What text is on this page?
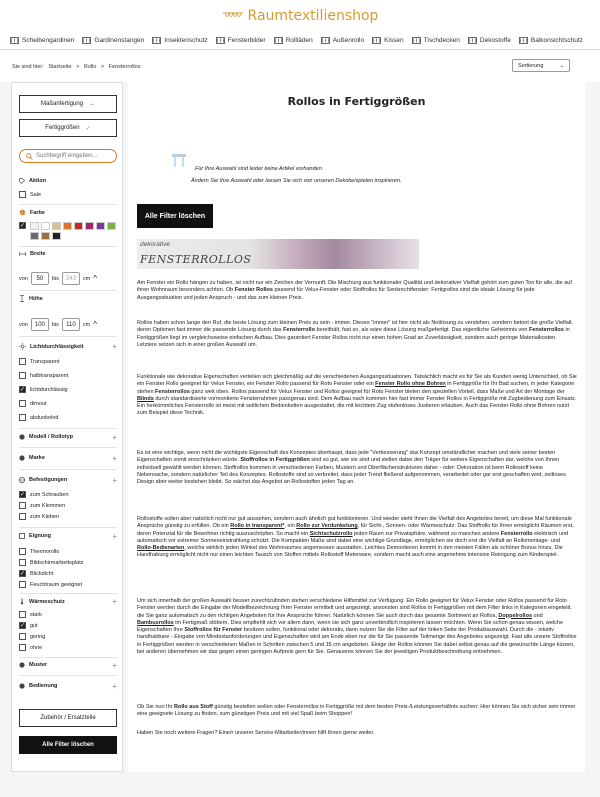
Raumtextilienshop
Scheibengardinen	Gardinenstangen	Insektenschutz	Fensterbilder	Rollläden	Außenrollo	Kissen	Tischdecken	Dekostoffe	Balkonsichtschutz
Sie sind hier: Startseite > Rollo > Fensterrollos	Sortierung	⌄
Maßanfertigung →
Fertiggrößen ✓
Suchbegriff eingeben...
Aktion
Sale
Farbe
✓
Breite
von	50	bis	243	cm ^
Höhe
von	100	bis	110	cm ^
Lichtdurchlässigkeit	+
Transparent
halbtransparent
✓
lichtdurchlässig
dimout
abdunkelnd
Modell / Rollotyp	+
Marke	+
Befestigungen	+
✓
zum Schrauben
zum Klemmen
zum Kleben
Eignung	+
Thermorollo
Bildschirmarbeitsplatz
✓
Blickdicht
Feuchtraum geeignet
Wärmeschutz	+
stark
✓
gut
gering
ohne
Muster	+
Bedienung	+
Zubehör / Ersatzteile
Alle Filter löschen
Rollos in Fertiggrößen
Für Ihre Auswahl sind leider keine Artikel vorhanden.
Ändern Sie Ihre Auswahl oder lassen Sie sich von unseren Dekobeispielen inspirieren.
Alle Filter löschen
dekorative
FENSTERROLLOS
Am Fenster ein Rollo hängen zu haben, ist nicht nur ein Zeichen der Vernunft. Die Mischung aus funktionaler Qualität und dekorativer Vielfalt gehört zum guten Ton für alle, die auf ihren Wohnraum besonders achten. Ob Fenster Rollos passend für Velux-Fenster oder Stoffrollos für Senkrechtfenster: Fertigrollos sind die ideale Lösung für jede Ausgangssituation und jeden Anspruch - und das zum kleinen Preis.
Rollos haben schon lange den Ruf, die beste Lösung zum kleinen Preis zu sein - immer. Dieses "immer" ist hier nicht als Notlösung zu verstehen, sondern betont die große Vielfalt, deren Optionen fast immer die passende Lösung durch das Fensterrollo bereithält, fast so, als wäre diese Lösung maßgefertigt. Das eigentliche Geheimnis von Fensterrollos in Fertiggrößen liegt im vergleichsweise einfachen Aufbau. Dies garantiert Fenster Rollos nicht nur einen hohen Grad an Zuverlässigkeit, sondern auch geringe Materialkosten. Letztere setzen sich in einer großen Auswahl um.
Funktionale wie dekorative Eigenschaften verteilen sich gleichmäßig auf die verschiedenen Ausgangssituationen. Tatsächlich macht es für Sie als Kunden wenig Unterschied, ob Sie ein Fenster Rollo geeignet für Velux Fenster, ein Fenster Rollo passend für Roto Fenster oder ein Fenster Rollo ohne Bohren in Fertiggröße für Ihr Bad suchen, in jeder Kategorie stehen Fensterrollos ganz weit oben. Rollos passend für Velux Fenster und Rollos geeignet für Roto Fenster bieten den speziellen Vorteil, dass Maße und Art der Montage der Blinds durch standardisierte vormontierte Fensterrahmen passgenau sind. Dem Aufbau nach kommen hier fast immer Fenster Rollos in Fertiggröße mit Zugbedienung zum Einsatz. Ein herkömmliches Fensterrollo ist meist mit seitlichen Bedienketten ausgestattet, die mit leichtem Zug stufenloses Justieren erlauben. Auch das Fenster Rollo ohne Bohren nutzt zum Beispiel diese Technik.
Es ist eine wichtige, wenn nicht die wichtigste Eigenschaft des Konzeptes überhaupt, dass jede "Verbesserung" das Konzept umständlicher machen und viele seiner besten Eigenschaften somit einschränken würde. Stoffrollos in Fertiggrößen sind so gut, wie sie sind und stellen dabei den Träger für weitere Eigenschaften dar, welche von Ihnen individuell gewählt werden können. Stoffrollos kommen in verschiedenen Farben, Mustern und Oberflächenstrukturen daher - oder: Dekoration ist beim Rollostoff keine Nebensache, sondern natürlicher Teil des Konzeptes. Rollostoffe sind so verbreitet, dass jeder Trend fließend aufgenommen, verarbeitet oder gar erst geschaffen wird, zeitloses Design aber weiter bestehen bleibt. So wächst das Angebot an Rollostoffen jeden Tag an.
Rollostoffe sollen aber natürlich nicht nur gut aussehen, sondern auch ähnlich gut funktionieren. Und wieder steht Ihnen die Vielfalt des Angebotes bereit, um diese Mal funktionale Ansprüche günstig zu erfüllen. Ob ein Rollo in transparent*, ein Rollo zur Verdunkelung, für Sicht-, Sonnen- oder Wärmeschutz: Das Stoffrollo für Ihren ermöglicht Räumen erst, deren Potenzial für die Bewohner richtig auszuschöpfen. So macht ein Sichtschutzrollo jeden Raum zur Privatsphäre, während so manches andere Fensterrollo elektrisch und automatisch vor extremer Sonneneinstrahlung schützt. Die Kompakten Maße sind dabei eine wichtige Grundlage, ermöglichen sie doch erst die Vielfalt an Rollomontage- und Rollo-Bedienarten, welche wirklich jeden Winkel des Wohnraumes angemessen ausstatten. Leichtes Demontieren kommt in den meisten Fällen als schöner Bonus hinzu. Die Handhabung ermöglicht nicht nur einen leichten Tausch von Stoffen mittels Rollostoff Meterware, sondern macht auch eine angenehme intensive Reinigung zum Kinderspiel.
Um sich innerhalb der großen Auswahl besser zurechtzufinden stehen verschiedene Hilfsmittel zur Verfügung. Ein Rollo geeignet für Velux Fenster oder Rollos passend für Roto Fenster werden durch die Eingabe der Modellbezeichnung Ihrer Fenster ermittelt und angezeigt, ansonsten sind Rollos in Fertiggrößen mit dem Filter links in Kategorien eingeteilt, die Sie ganz automatisch zu den richtigen Angeboten für Ihre Ansprüche führen. Natürlich können Sie auch durch das gesamte Sortiment an Rollos, Doppelrollos und Bambusrollos im Fertigmaß stöbern. Dies empfiehlt sich vor allem dann, wenn sie sich ganz unverbindlich inspirieren lassen möchten. Wenn Sie schon genau wissen, welche Eigenschaften Ihre Stoffrollos für Fenster besitzen sollen, funktional oder dekorativ, dann nutzen Sie die Filter auf der linken Seite der Produktauswahl. Durch die - intuitiv handhabbare - Eingabe von Mindestanforderungen und Eigenschaften wird am Ende eben nur die für Sie passende Teilmenge des Angebotes angezeigt. Fast alle unsere Stoffrollos in Fertiggrößen werden in verschiedenen Maßen in Schritten zwischen 5 und 15 cm angeboten. Einige der Rollos können Sie dabei selbst genau auf die gewünschte Länge kürzen, bei anderen übernehmen wir das gegen einen geringen Aufpreis gern für Sie. Genaueres können Sie der jeweiligen Produktbeschreibung entnehmen.
Ob Sie nun Ihr Rollo aus Stoff günstig bestellen wollen oder Fensterrollos in Fertiggröße mit dem besten Preis-/Leistungsverhältnis suchen: Hier können Sie sich sicher sein immer eine geeignete Lösung zu finden, zum günstigen Preis und mit viel Spaß beim Shoppen!
Haben Sie noch weitere Fragen? Eine/r unserer Service-Mitarbeiter/innen hilft Ihnen gerne weiter.
